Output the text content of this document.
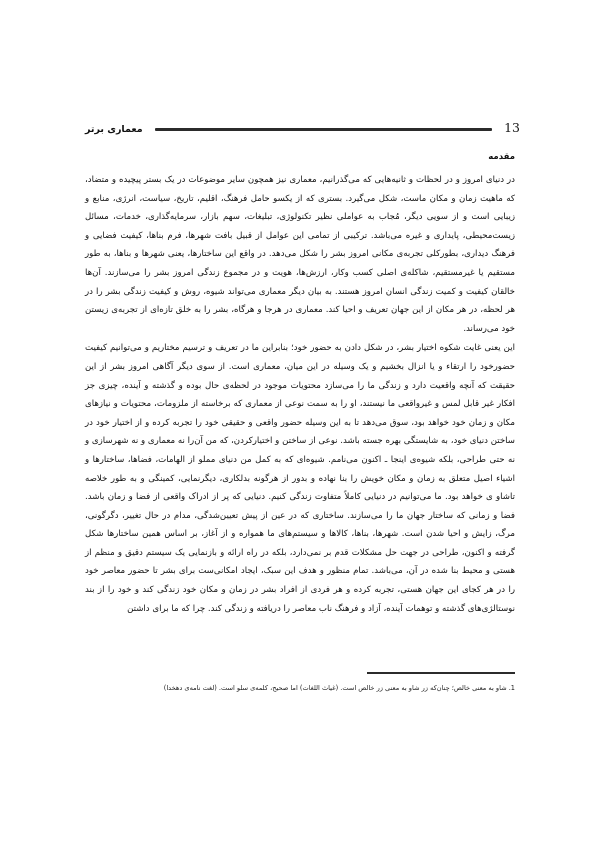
13
معماری برتر
مقدمه

در دنیای امروز و در لحظات و ثانیه‌هایی که می‌گذرانیم، معماری نیز همچون سایر موضوعات در یک بستر پیچیده و متضاد، که ماهیت زمان و مکان ماست، شکل می‌گیرد. بستری که از یکسو حامل فرهنگ، اقلیم، تاریخ، سیاست، انرژی، منابع و زیبایی است و از سویی دیگر، مُجاب به عواملی نظیر تکنولوژی، تبلیغات، سهم بازار، سرمایه‌گذاری، خدمات، مسائل زیست‌محیطی، پایداری و غیره می‌باشد. ترکیبی از تمامی این عوامل از قبیل بافت شهرها، فرم بناها، کیفیت فضایی و فرهنگ دیداری، بطورکلی تجربه‌ی مکانی امروز بشر را شکل می‌دهد. در واقع این ساختارها، یعنی شهرها و بناها، به طور مستقیم یا غیرمستقیم، شاکله‌ی اصلی کسب وکار، ارزش‌ها، هویت و در مجموع زندگی امروز بشر را می‌سازند. آن‌ها خالقان کیفیت و کمیت زندگی انسان امروز هستند. به بیان دیگر معماری می‌تواند شیوه، روش و کیفیت زندگی بشر را در هر لحظه، در هر مکان از این جهان تعریف و احیا کند. معماری در هرجا و هرگاه، بشر را به خلق تازه‌ای از تجربه‌ی زیستن خود می‌رساند.

این یعنی غایت شکوه اختیار بشر، در شکل دادن به حضور خود؛ بنابراین ما در تعریف و ترسیم مختاریم و می‌توانیم کیفیت حضورخود را ارتقاء و یا انزال بخشیم و یک وسیله در این میان، معماری است. از سوی دیگر آگاهی امروز بشر از این حقیقت که آنچه واقعیت دارد و زندگی ما را می‌سازد محتویات موجود در لحظه‌ی حال بوده و گذشته و آینده، چیزی جز افکار غیر قابل لمس و غیرواقعی ما نیستند، او را به سمت نوعی از معماری که برخاسته از ملزومات، محتویات و نیازهای مکان و زمان خود خواهد بود، سوق می‌دهد تا به این وسیله حضور واقعی و حقیقی خود را تجربه کرده و از اختیار خود در ساختن دنیای خود، به شایستگی بهره جسته باشد. نوعی از ساختن و اختیارکردن، که من آن‌را نه معماری و نه شهرسازی و نه حتی طراحی، بلکه شیوه‌ی اینجا ـ اکنون می‌نامم. شیوه‌ای که به کمل من دنیای مملو از الهامات، فضاها، ساختارها و اشیاء اصیل متعلق به زمان و مکان خویش را بنا نهاده و بدور از هرگونه بدلکاری، دیگرنمایی، کمینگی و به طور خلاصه تاشاو ی خواهد بود. ما می‌توانیم در دنیایی کاملاً متفاوت زندگی کنیم. دنیایی که پر از ادراک واقعی از فضا و زمان باشد. فضا و زمانی که ساختار جهان ما را می‌سازند. ساختاری که در عین از پیش تعیین‌شدگی، مدام در حال تغییر، دگرگونی، مرگ، زایش و احیا شدن است. شهرها، بناها، کالاها و سیستم‌های ما همواره و از آغاز، بر اساس همین ساختارها شکل گرفته و اکنون، طراحی در جهت حل مشکلات قدم بر نمی‌دارد، بلکه در راه ارائه و بازنمایی یک سیستم دقیق و منظم از هستی و محیط بنا شده در آن، می‌باشد. تمام منظور و هدف این سبک، ایجاد امکانی‌ست برای بشر تا حضور معاصر خود را در هر کجای این جهان هستی، تجربه کرده و هر فردی از افراد بشر در زمان و مکان خود زندگی کند و خود را از بند نوستالژی‌های گذشته و توهمات آینده، آزاد و فرهنگ ناب معاصر را دریافته و زندگی کند. چرا که ما برای داشتن

1. شاو به معنی خالص؛ چنان‌که زر شاو به معنی زر خالص است. (غیاث اللغات) اما صحیح، کلمه‌ی سلو است. (لغت نامه‌ی دهخدا)
